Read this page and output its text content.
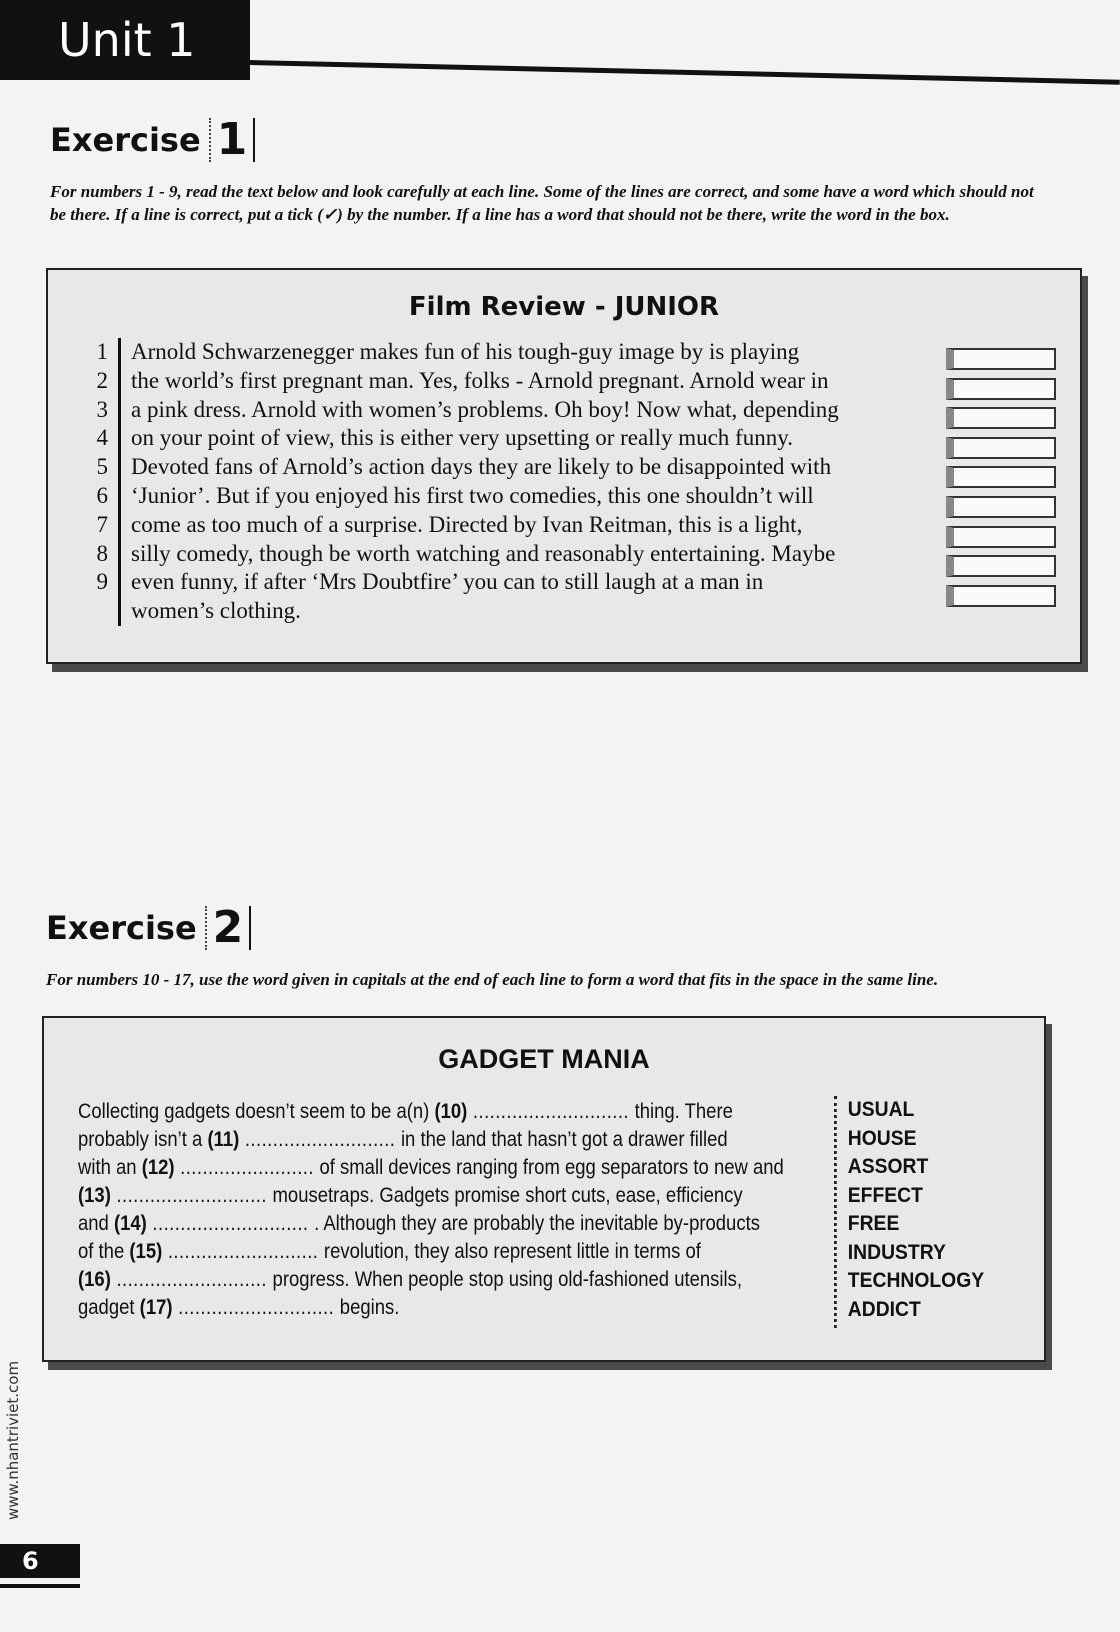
Unit 1
Exercise 1
For numbers 1 - 9, read the text below and look carefully at each line. Some of the lines are correct, and some have a word which should not be there. If a line is correct, put a tick (✓) by the number. If a line has a word that should not be there, write the word in the box.
Film Review - JUNIOR
1	Arnold Schwarzenegger makes fun of his tough-guy image by is playing
2	the world’s first pregnant man. Yes, folks - Arnold pregnant. Arnold wear in
3	a pink dress. Arnold with women’s problems. Oh boy! Now what, depending
4	on your point of view, this is either very upsetting or really much funny.
5	Devoted fans of Arnold’s action days they are likely to be disappointed with
6	‘Junior’. But if you enjoyed his first two comedies, this one shouldn’t will
7	come as too much of a surprise. Directed by Ivan Reitman, this is a light,
8	silly comedy, though be worth watching and reasonably entertaining. Maybe
9	even funny, if after ‘Mrs Doubtfire’ you can to still laugh at a man in
women’s clothing.
Exercise 2
For numbers 10 - 17, use the word given in capitals at the end of each line to form a word that fits in the space in the same line.
GADGET MANIA
Collecting gadgets doesn’t seem to be a(n) (10) ............................ thing. There
probably isn’t a (11) ........................... in the land that hasn’t got a drawer filled
with an (12) ........................ of small devices ranging from egg separators to new and
(13) ........................... mousetraps. Gadgets promise short cuts, ease, efficiency
and (14) ............................ . Although they are probably the inevitable by-products
of the (15) ........................... revolution, they also represent little in terms of
(16) ........................... progress. When people stop using old-fashioned utensils,
gadget (17) ............................ begins.
USUAL
HOUSE
ASSORT
EFFECT
FREE
INDUSTRY
TECHNOLOGY
ADDICT
www.nhantriviet.com
6
